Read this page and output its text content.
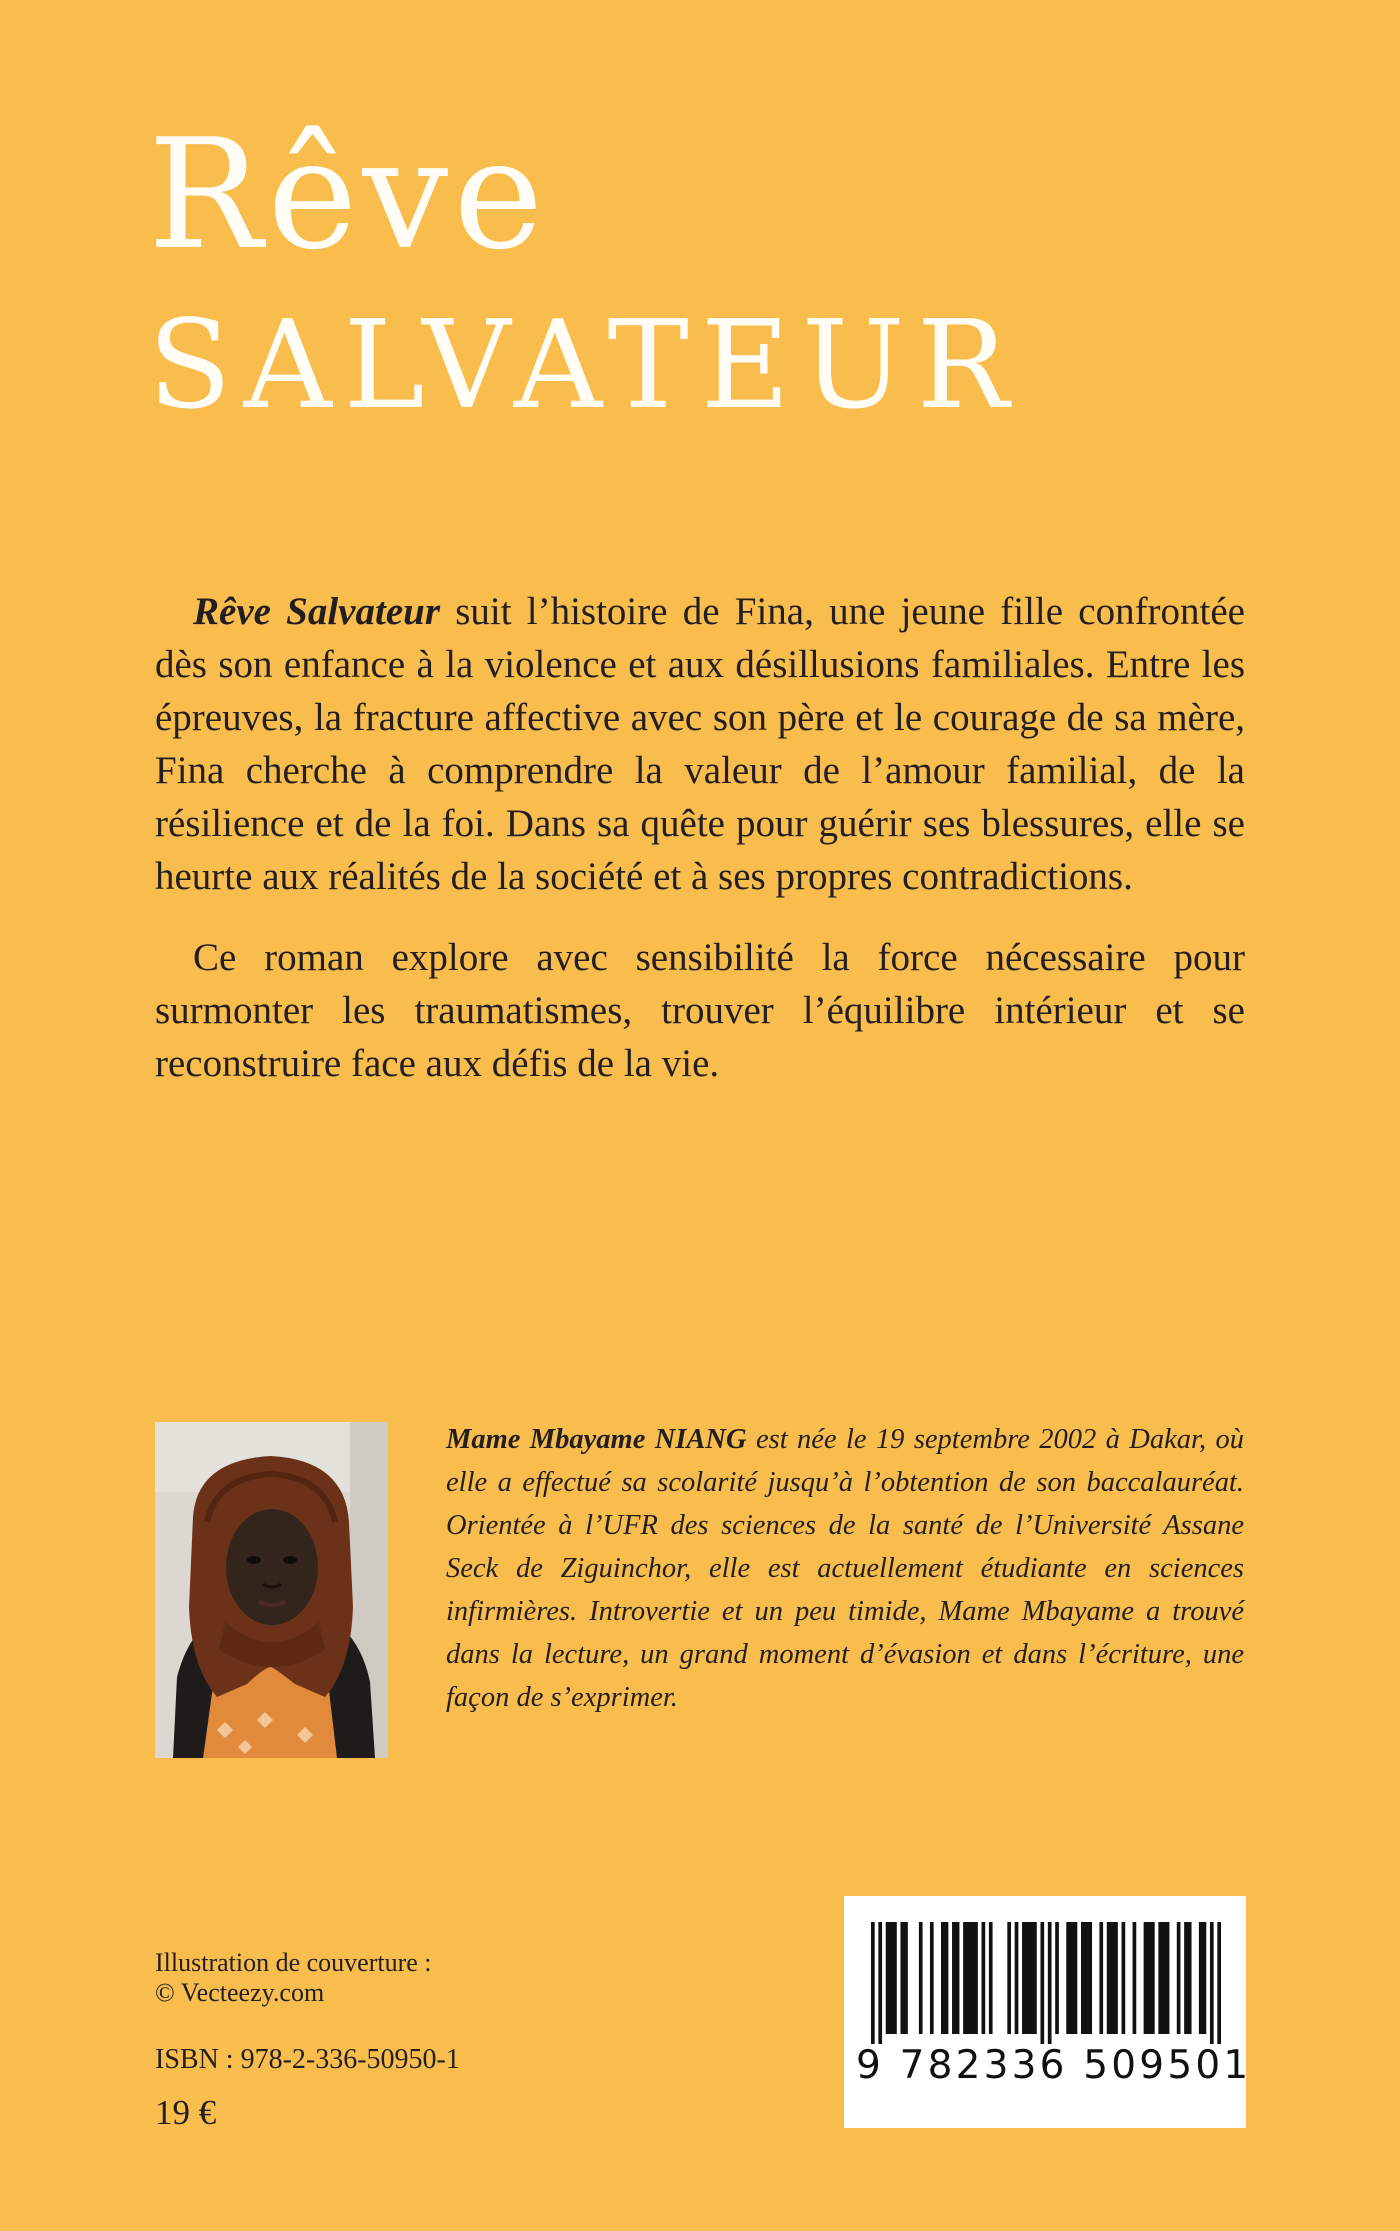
Rêve
SALVATEUR

Rêve Salvateur suit l’histoire de Fina, une jeune fille confrontée dès son enfance à la violence et aux désillusions familiales. Entre les épreuves, la fracture affective avec son père et le courage de sa mère, Fina cherche à comprendre la valeur de l’amour familial, de la résilience et de la foi. Dans sa quête pour guérir ses blessures, elle se heurte aux réalités de la société et à ses propres contradictions.

Ce roman explore avec sensibilité la force nécessaire pour surmonter les traumatismes, trouver l’équilibre intérieur et se reconstruire face aux défis de la vie.

Mame Mbayame NIANG est née le 19 septembre 2002 à Dakar, où elle a effectué sa scolarité jusqu’à l’obtention de son baccalauréat. Orientée à l’UFR des sciences de la santé de l’Université Assane Seck de Ziguinchor, elle est actuellement étudiante en sciences infirmières. Introvertie et un peu timide, Mame Mbayame a trouvé dans la lecture, un grand moment d’évasion et dans l’écriture, une façon de s’exprimer.

Illustration de couverture :
© Vecteezy.com
ISBN : 978-2-336-50950-1
19 €
9 782336 509501
